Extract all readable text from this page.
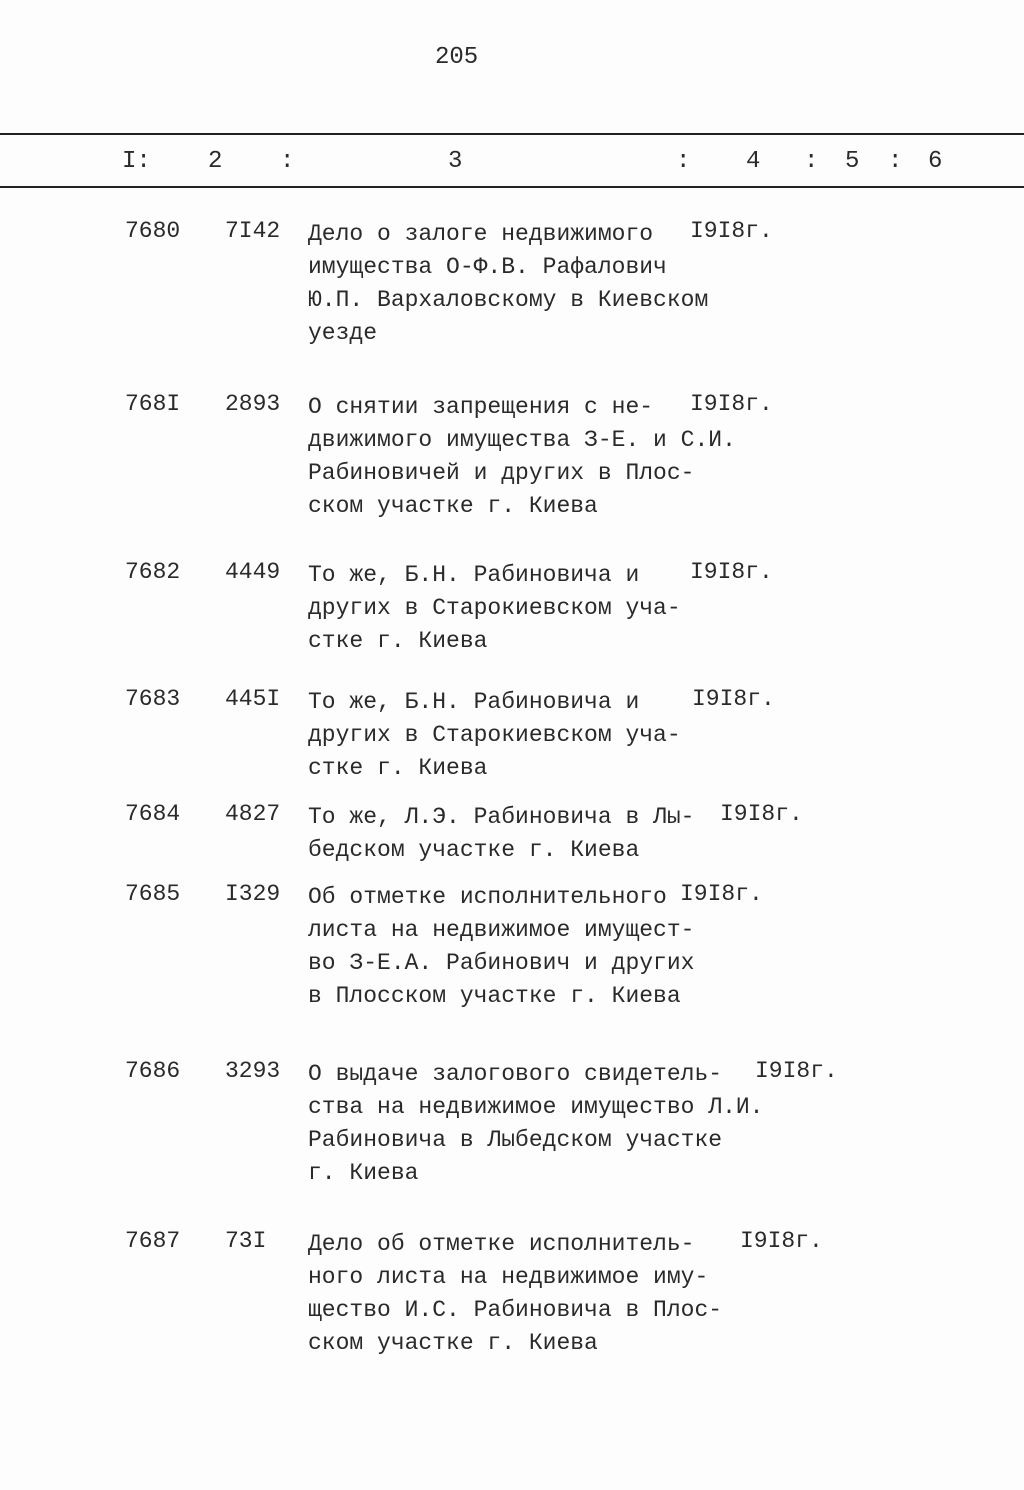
205
I: 2 :	3	: 4 : 5 : 6
7680 7I42 Дело о залоге недвижимого
имущества О-Ф.В. Рафалович
Ю.П. Вархаловскому в Киевском
уезде
I9I8г.
768I 2893 О снятии запрещения с не-
движимого имущества З-Е. и С.И.
Рабиновичей и других в Плос-
ском участке г. Киева
I9I8г.
7682 4449 То же, Б.Н. Рабиновича и
других в Старокиевском уча-
стке г. Киева
I9I8г.
7683 445I То же, Б.Н. Рабиновича и
других в Старокиевском уча-
стке г. Киева
I9I8г.
7684 4827 То же, Л.Э. Рабиновича в Лы-
бедском участке г. Киева
I9I8г.
7685 I329 Об отметке исполнительного
листа на недвижимое имущест-
во З-Е.А. Рабинович и других
в Плосском участке г. Киева
I9I8г.
7686 3293 О выдаче залогового свидетель-
ства на недвижимое имущество Л.И.
Рабиновича в Лыбедском участке
г. Киева
I9I8г.
7687 73I Дело об отметке исполнитель-
ного листа на недвижимое иму-
щество И.С. Рабиновича в Плос-
ском участке г. Киева
I9I8г.
